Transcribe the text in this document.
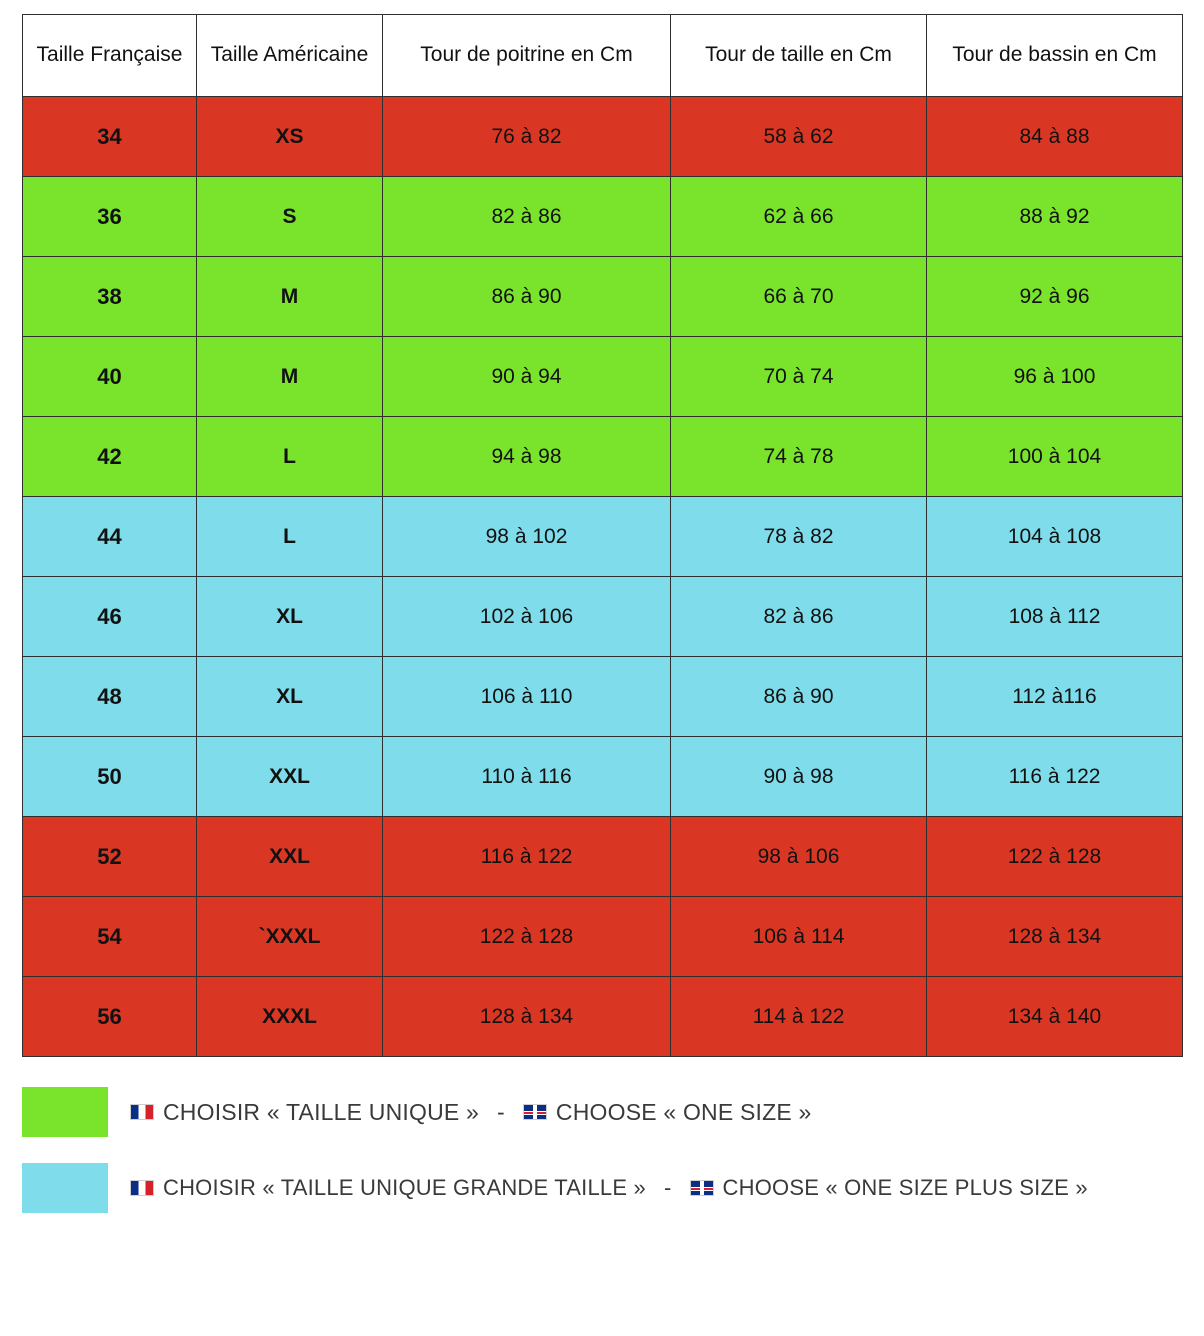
Taille Française	Taille Américaine	Tour de poitrine en Cm	Tour de taille en Cm	Tour de bassin en Cm
34	XS	76 à 82	58 à 62	84 à 88
36	S	82 à 86	62 à 66	88 à 92
38	M	86 à 90	66 à 70	92 à 96
40	M	90 à 94	70 à 74	96 à 100
42	L	94 à 98	74 à 78	100 à 104
44	L	98 à 102	78 à 82	104 à 108
46	XL	102 à 106	82 à 86	108 à 112
48	XL	106 à 110	86 à 90	112 à116
50	XXL	110 à 116	90 à 98	116 à 122
52	XXL	116 à 122	98 à 106	122 à 128
54	`XXXL	122 à 128	106 à 114	128 à 134
56	XXXL	128 à 134	114 à 122	134 à 140
CHOISIR « TAILLE UNIQUE » - CHOOSE « ONE SIZE »
CHOISIR « TAILLE UNIQUE GRANDE TAILLE » - CHOOSE « ONE SIZE PLUS SIZE »
